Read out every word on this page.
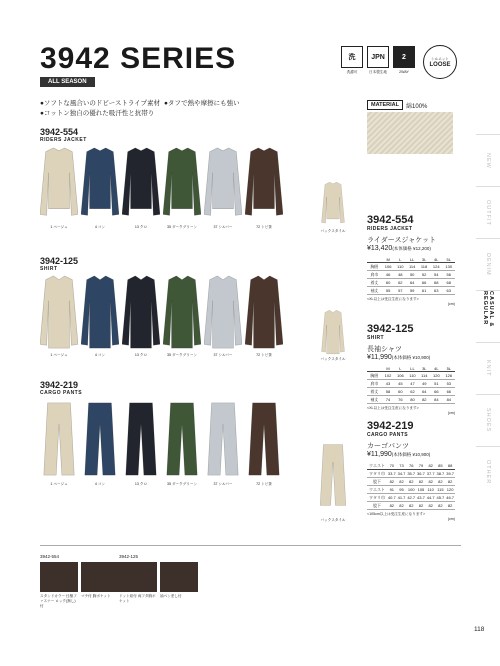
3942 SERIES
ALL SEASON
●ソフトな風合いのドビーストライプ素材 ●タフで熱や摩擦にも強い
●コットン独自の優れた吸汗性と抗帯り
洗
洗濯可
JPN
日本製生地
2
2WAY
シルエット
LOOSE
MATERIAL	綿100%
3942-554
RIDERS JACKET
1 ベージュ	4 コン	13 クロ	35 ダークグリーン	37 シルバー	72 トビ茶
バックスタイル
3942-125
SHIRT
1 ベージュ	4 コン	13 クロ	35 ダークグリーン	37 シルバー	72 トビ茶
バックスタイル
3942-219
CARGO PANTS
1 ベージュ	4 コン	13 クロ	35 ダークグリーン	37 シルバー	72 トビ茶
バックスタイル
3942-554
RIDERS JACKET
ライダースジャケット
¥13,420(本体価格 ¥12,200)
	M	L	LL	3L	4L	5L
胸囲	106	110	114	118	124	130
肩巾	46	48	50	52	54	56
着丈	60	62	64	66	68	68
袖丈	55	57	59	61	63	63
<XL以上は受注生産になります>
(cm)
3942-125
SHIRT
長袖シャツ
¥11,990(本体価格 ¥10,900)
	M	L	LL	3L	4L	5L
胸囲	102	106	110	114	120	126
肩巾	43	45	47	49	51	53
着丈	58	60	62	64	66	66
袖丈	74	76	80	82	84	84
<XL以上は受注生産になります>
(cm)
3942-219
CARGO PANTS
カーゴパンツ
¥11,990(本体価格 ¥10,900)
ウエスト	70	73	76	79	82	85	88
ワタリ巾	33.7	34.7	35.7	36.7	37.7	38.7	39.7
股下	82	82	82	82	82	82	82
ウエスト	91	95	100	105	110	115	120
ワタリ巾	40.7	41.7	42.7	43.7	44.7	45.7	46.7
股下	82	82	82	82	82	82	82
<105cm以上は受注生産になります>
(cm)
3942-554
スタンドカラー 仕様ファスナー ロック(無し)付
マチ付 胸ポケット
3942-125
ドット釦付 両フタ胸ポケット
袖ペン差し付
NEW
OUTFIT
DENIM
CASUAL & REGULAR
KNIT
SHOES
OTHER
118
